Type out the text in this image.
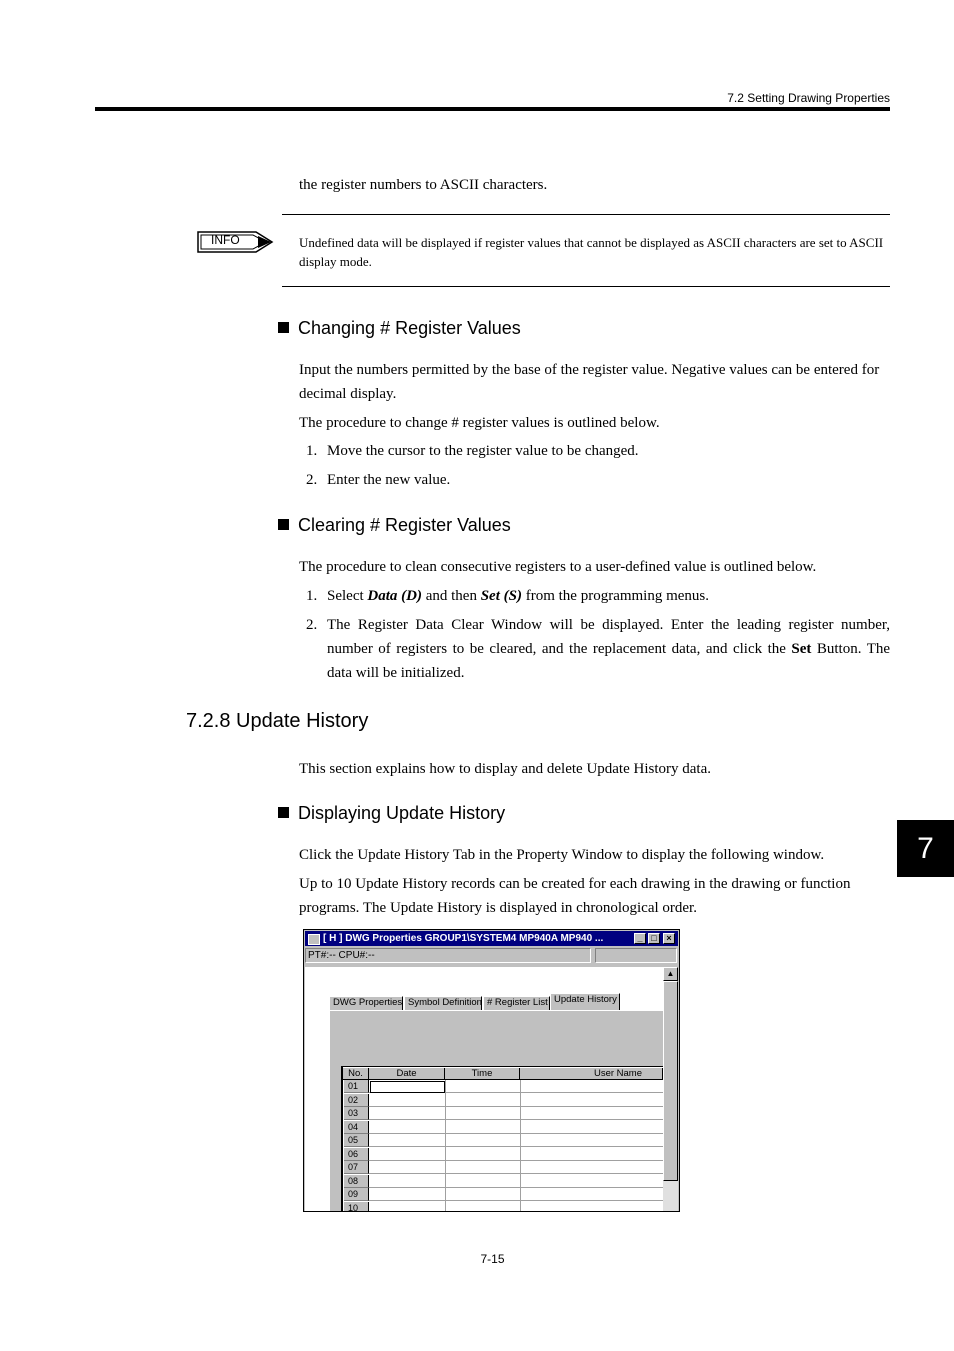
7.2 Setting Drawing Properties
the register numbers to ASCII characters.
INFO	Undefined data will be displayed if register values that cannot be displayed as ASCII characters are set to ASCII display mode.
Changing # Register Values
Input the numbers permitted by the base of the register value. Negative values can be entered for decimal display.
The procedure to change # register values is outlined below.
1. Move the cursor to the register value to be changed.
2. Enter the new value.
Clearing # Register Values
The procedure to clean consecutive registers to a user-defined value is outlined below.
1. Select Data (D) and then Set (S) from the programming menus.
2. The Register Data Clear Window will be displayed. Enter the leading register number, number of registers to be cleared, and the replacement data, and click the Set Button. The data will be initialized.
7.2.8 Update History
This section explains how to display and delete Update History data.
Displaying Update History
Click the Update History Tab in the Property Window to display the following window.
Up to 10 Update History records can be created for each drawing in the drawing or function programs. The Update History is displayed in chronological order.
7
[ H ] DWG Properties GROUP1\SYSTEM4 MP940A MP940 ...	_ □	×
PT#:-- CPU#:--
DWG Properties Symbol Definition # Register List Update History
No.	Date	Time	User Name
01
02
03
04
05
06
07
08
09
10
▲
7-15
